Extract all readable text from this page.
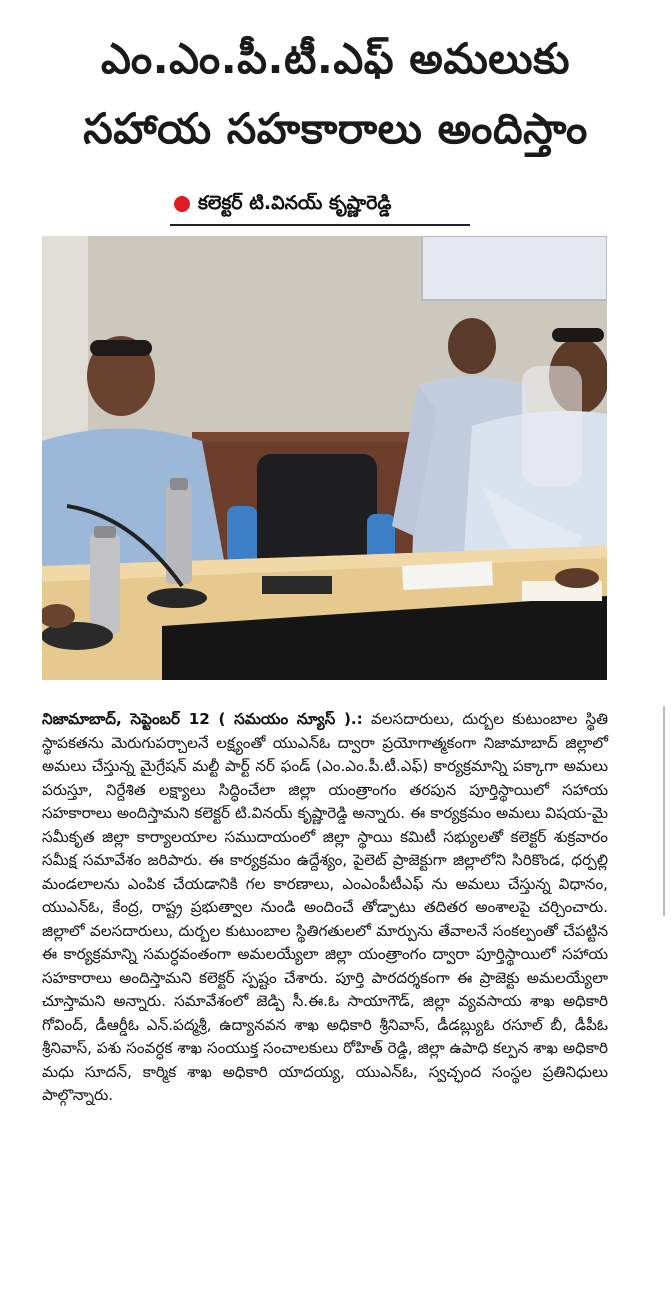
ఎం.ఎం.పీ.టీ.ఎఫ్ అమలుకు
సహాయ సహకారాలు అందిస్తాం
కలెక్టర్ టి.వినయ్ కృష్ణారెడ్డి
నిజామాబాద్, సెప్టెంబర్ 12 ( సమయం న్యూస్ ).: వలసదారులు, దుర్బల కుటుంబాల స్థితి స్థాపకతను మెరుగుపర్చాలనే లక్ష్యంతో యుఎన్ఓ ద్వారా ప్రయోగాత్మకంగా నిజామాబాద్ జిల్లాలో అమలు చేస్తున్న మైగ్రేషన్ మల్టీ పార్ట్ నర్ ఫండ్ (ఎం.ఎం.పీ.టీ.ఎఫ్) కార్యక్రమాన్ని పక్కాగా అమలు పరుస్తూ, నిర్దేశిత లక్ష్యాలు సిద్ధించేలా జిల్లా యంత్రాంగం తరపున పూర్తిస్థాయిలో సహాయ సహకారాలు అందిస్తామని కలెక్టర్ టి.వినయ్ కృష్ణారెడ్డి అన్నారు. ఈ కార్యక్రమం అమలు విషయ-మై సమీకృత జిల్లా కార్యాలయాల సముదాయంలో జిల్లా స్థాయి కమిటీ సభ్యులతో కలెక్టర్ శుక్రవారం సమీక్ష సమావేశం జరిపారు. ఈ కార్యక్రమం ఉద్దేశ్యం, పైలెట్ ప్రాజెక్టుగా జిల్లాలోని సిరికొండ, ధర్పల్లి మండలాలను ఎంపిక చేయడానికి గల కారణాలు, ఎంఎంపీటీఎఫ్ ను అమలు చేస్తున్న విధానం, యుఎన్ఓ, కేంద్ర, రాష్ట్ర ప్రభుత్వాల నుండి అందించే తోడ్పాటు తదితర అంశాలపై చర్చించారు. జిల్లాలో వలసదారులు, దుర్బల కుటుంబాల స్థితిగతులలో మార్పును తేవాలనే సంకల్పంతో చేపట్టిన ఈ కార్యక్రమాన్ని సమర్ధవంతంగా అమలయ్యేలా జిల్లా యంత్రాంగం ద్వారా పూర్తిస్థాయిలో సహాయ సహకారాలు అందిస్తామని కలెక్టర్ స్పష్టం చేశారు. పూర్తి పారదర్శకంగా ఈ ప్రాజెక్టు అమలయ్యేలా చూస్తామని అన్నారు. సమావేశంలో జెడ్పి సీ.ఈ.ఓ సాయాగౌడ్, జిల్లా వ్యవసాయ శాఖ అధికారి గోవింద్, డీఆర్డీఓ ఎన్.పద్మశ్రీ, ఉద్యానవన శాఖ అధికారి శ్రీనివాస్, డీడబ్ల్యుఓ రసూల్ బీ, డీపీఓ శ్రీనివాస్, పశు సంవర్ధక శాఖ సంయుక్త సంచాలకులు రోహిత్ రెడ్డి, జిల్లా ఉపాధి కల్పన శాఖ అధికారి మధు సూదన్, కార్మిక శాఖ అధికారి యాదయ్య, యుఎన్ఓ, స్వచ్ఛంద సంస్థల ప్రతినిధులు పాల్గొన్నారు.
